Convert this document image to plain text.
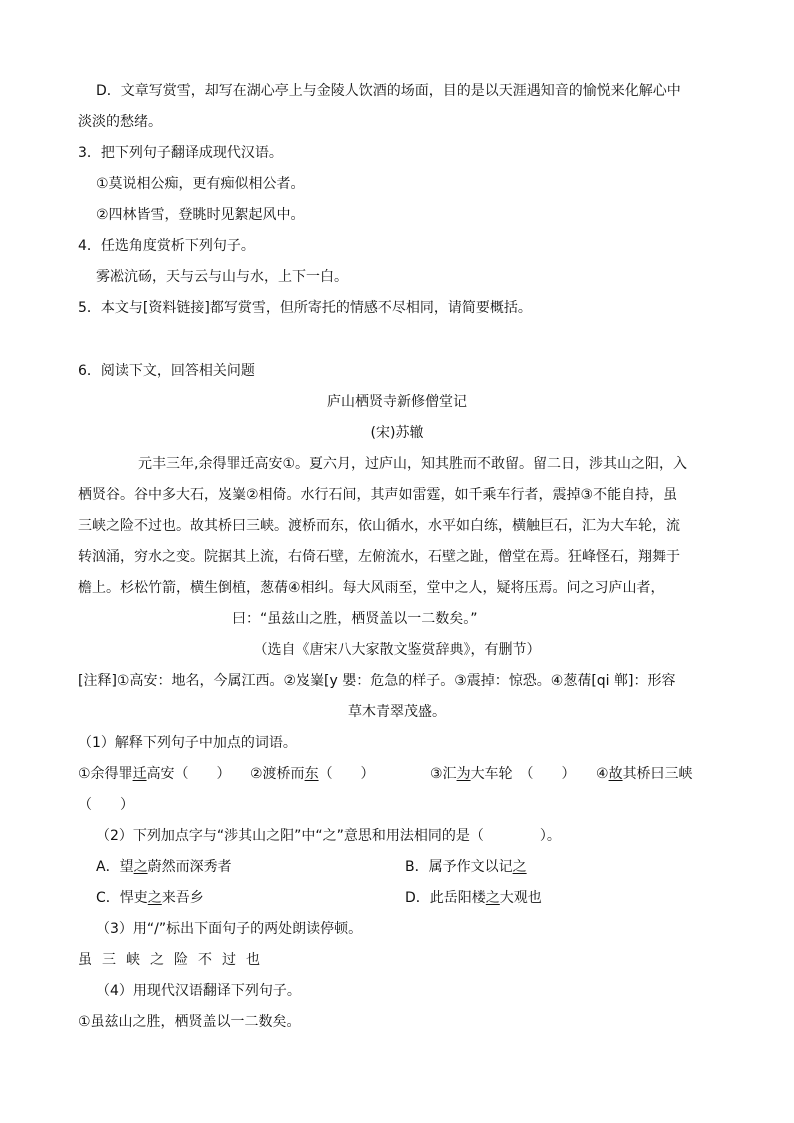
D．文章写赏雪，却写在湖心亭上与金陵人饮酒的场面，目的是以天涯遇知音的愉悦来化解心中
淡淡的愁绪。
3．把下列句子翻译成现代汉语。
①莫说相公痴，更有痴似相公者。
②四林皆雪，登眺时见絮起风中。
4．任选角度赏析下列句子。
雾凇沆砀，天与云与山与水，上下一白。
5．本文与[资料链接]都写赏雪，但所寄托的情感不尽相同，请简要概括。
6．阅读下文，回答相关问题
庐山栖贤寺新修僧堂记
(宋)苏辙
元丰三年,余得罪迁高安①。夏六月，过庐山，知其胜而不敢留。留二日，涉其山之阳，入
栖贤谷。谷中多大石，岌嶪②相倚。水行石间，其声如雷霆，如千乘车行者，震掉③不能自持，虽
三峡之险不过也。故其桥曰三峡。渡桥而东，依山循水，水平如白练，横触巨石，汇为大车轮，流
转汹涌，穷水之变。院据其上流，右倚石壁，左俯流水，石壁之趾，僧堂在焉。狂峰怪石，翔舞于
檐上。杉松竹箭，横生倒植，葱蒨④相纠。每大风雨至，堂中之人，疑将压焉。问之习庐山者，
曰：“虽兹山之胜，栖贤盖以一二数矣。”
（选自《唐宋八大家散文鉴赏辞典》，有删节）
[注释]①高安：地名，今属江西。②岌嶪[y 嬰：危急的样子。③震掉：惊恐。④葱蒨[qi 郸]：形容
草木青翠茂盛。
（1）解释下列句子中加点的词语。
①余得罪迁高安（　　） ②渡桥而东（　　）	③汇为大车轮　（　　） ④故其桥曰三峡
（　　）
（2）下列加点字与“涉其山之阳”中“之”意思和用法相同的是（　　　　）。
A．望之蔚然而深秀者	B．属予作文以记之
C．悍吏之来吾乡	D．此岳阳楼之大观也
（3）用“/”标出下面句子的两处朗读停顿。
虽三峡之险不过也
（4）用现代汉语翻译下列句子。
①虽兹山之胜，栖贤盖以一二数矣。
